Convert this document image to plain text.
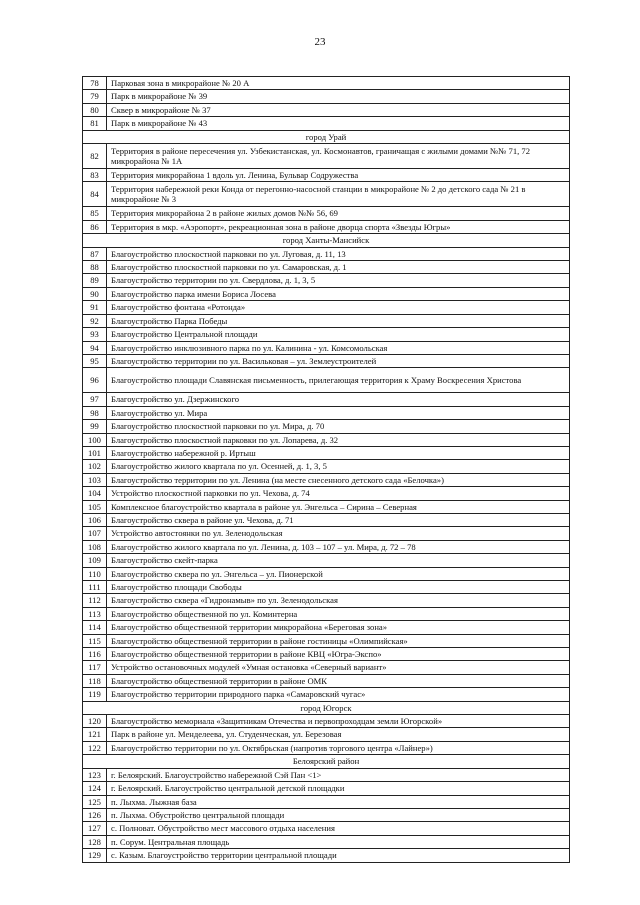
23
78	Парковая зона в микрорайоне № 20 А
79	Парк в микрорайоне № 39
80	Сквер в микрорайоне № 37
81	Парк в микрорайоне № 43
город Урай	
82	Территория в районе пересечения ул. Узбекистанская, ул. Космонавтов, граничащая с жилыми домами №№ 71, 72 микрорайона № 1А
83	Территория микрорайона 1 вдоль ул. Ленина, Бульвар Содружества
84	Территория набережной реки Конда от перегонно-насосной станции в микрорайоне № 2 до детского сада № 21 в микрорайоне № 3
85	Территория микрорайона 2 в районе жилых домов №№ 56, 69
86	Территория в мкр. «Аэропорт», рекреационная зона в районе дворца спорта «Звезды Югры»
город Ханты-Мансийск	
87	Благоустройство плоскостной парковки по ул. Луговая, д. 11, 13
88	Благоустройство плоскостной парковки по ул. Самаровская, д. 1
89	Благоустройство территории по ул. Свердлова, д. 1, 3, 5
90	Благоустройство парка имени Бориса Лосева
91	Благоустройство фонтана «Ротонда»
92	Благоустройство Парка Победы
93	Благоустройство Центральной площади
94	Благоустройство инклюзивного парка по ул. Калинина - ул. Комсомольская
95	Благоустройство территории по ул. Васильковая – ул. Землеустроителей
96	Благоустройство площади Славянская письменность, прилегающая территория к Храму Воскресения Христова
97	Благоустройство ул. Дзержинского
98	Благоустройство ул. Мира
99	Благоустройство плоскостной парковки по ул. Мира, д. 70
100	Благоустройство плоскостной парковки по ул. Лопарева, д. 32
101	Благоустройство набережной р. Иртыш
102	Благоустройство жилого квартала по ул. Осенней, д. 1, 3, 5
103	Благоустройство территории по ул. Ленина (на месте снесенного детского сада «Белочка»)
104	Устройство плоскостной парковки по ул. Чехова, д. 74
105	Комплексное благоустройство квартала в районе ул. Энгельса – Сирина – Северная
106	Благоустройство сквера в районе ул. Чехова, д. 71
107	Устройство автостоянки по ул. Зеленодольская
108	Благоустройство жилого квартала по ул. Ленина, д. 103 – 107 – ул. Мира, д. 72 – 78
109	Благоустройство скейт-парка
110	Благоустройство сквера по ул. Энгельса – ул. Пионерской
111	Благоустройство площади Свободы
112	Благоустройство сквера «Гидронамыв» по ул. Зеленодольская
113	Благоустройство общественной по ул. Коминтерна
114	Благоустройство общественной территории микрорайона «Береговая зона»
115	Благоустройство общественной территории в районе гостиницы «Олимпийская»
116	Благоустройство общественной территории в районе КВЦ «Югра-Экспо»
117	Устройство остановочных модулей «Умная остановка «Северный вариант»
118	Благоустройство общественной территории в районе ОМК
119	Благоустройство территории природного парка «Самаровский чугас»
город Югорск	
120	Благоустройство мемориала «Защитникам Отечества и первопроходцам земли Югорской»
121	Парк в районе ул. Менделеева, ул. Студенческая, ул. Березовая
122	Благоустройство территории по ул. Октябрьская (напротив торгового центра «Лайнер»)
Белоярский район	
123	г. Белоярский. Благоустройство набережной Сэй Пан <1>
124	г. Белоярский. Благоустройство центральной детской площадки
125	п. Лыхма. Лыжная база
126	п. Лыхма. Обустройство центральной площади
127	с. Полноват. Обустройство мест массового отдыха населения
128	п. Сорум. Центральная площадь
129	с. Казым. Благоустройство территории центральной площади
